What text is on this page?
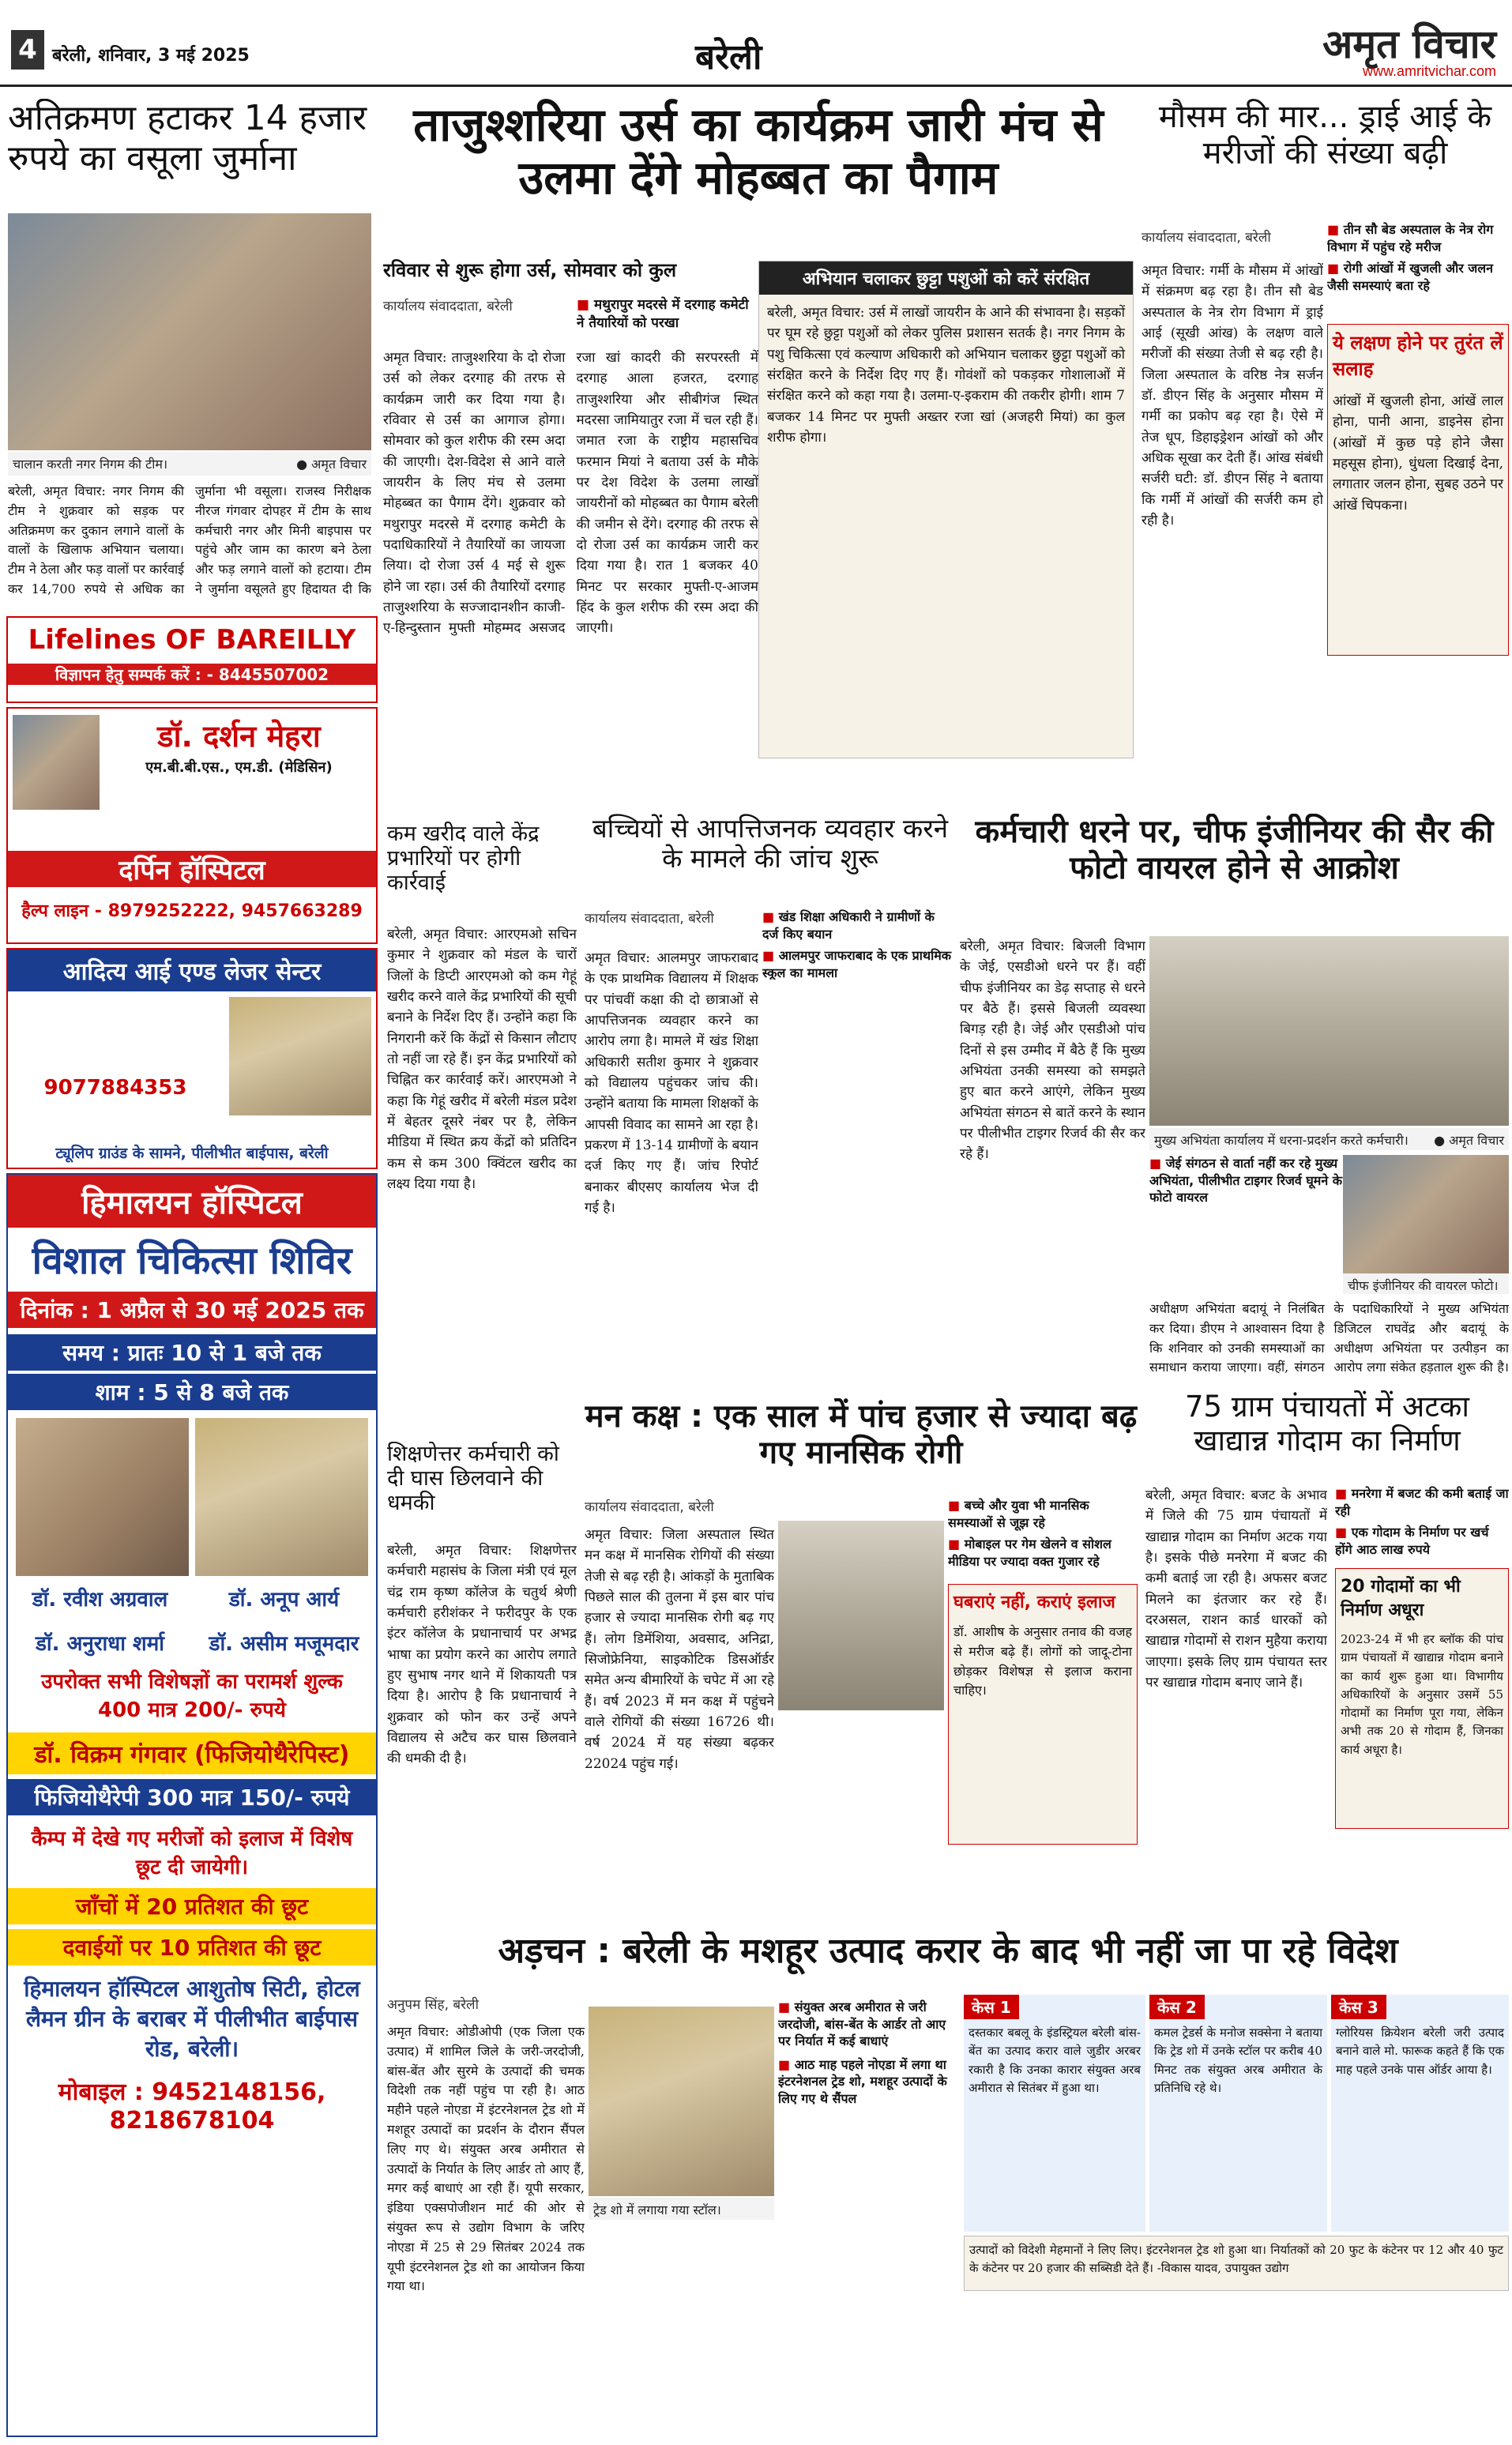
4 बरेली, शनिवार, 3 मई 2025	बरेली	अमृत विचार
www.amritvichar.com
अतिक्रमण हटाकर 14 हजार रुपये का वसूला जुर्माना
चालान करती नगर निगम की टीम।	● अमृत विचार
बरेली, अमृत विचार: नगर निगम की टीम ने शुक्रवार को सड़क पर अतिक्रमण कर दुकान लगाने वालों के वालों के खिलाफ अभियान चलाया। टीम ने ठेला और फड़ वालों पर कार्रवाई कर 14,700 रुपये से अधिक का जुर्माना भी वसूला। राजस्व निरीक्षक नीरज गंगवार दोपहर में टीम के साथ कर्मचारी नगर और मिनी बाइपास पर पहुंचे और जाम का कारण बने ठेला और फड़ लगाने वालों को हटाया। टीम ने जुर्माना वसूलते हुए हिदायत दी कि
ताजुश्शरिया उर्स का कार्यक्रम जारी मंच से उलमा देंगे मोहब्बत का पैगाम
रविवार से शुरू होगा उर्स, सोमवार को कुल
कार्यालय संवाददाता, बरेली	■ मथुरापुर मदरसे में दरगाह कमेटी ने तैयारियों को परखा
अमृत विचार: ताजुश्शरिया के दो रोजा उर्स को लेकर दरगाह की तरफ से कार्यक्रम जारी कर दिया गया है। रविवार से उर्स का आगाज होगा। सोमवार को कुल शरीफ की रस्म अदा की जाएगी। देश-विदेश से आने वाले जायरीन के लिए मंच से उलमा मोहब्बत का पैगाम देंगे। शुक्रवार को मथुरापुर मदरसे में दरगाह कमेटी के पदाधिकारियों ने तैयारियों का जायजा लिया। दो रोजा उर्स 4 मई से शुरू होने जा रहा। उर्स की तैयारियों दरगाह ताजुश्शरिया के सज्जादानशीन काजी-ए-हिन्दुस्तान मुफ्ती मोहम्मद असजद रजा खां कादरी की सरपरस्ती में दरगाह आला हजरत, दरगाह ताजुश्शरिया और सीबीगंज स्थित मदरसा जामियातुर रजा में चल रही हैं। जमात रजा के राष्ट्रीय महासचिव फरमान मियां ने बताया उर्स के मौके पर देश विदेश के उलमा लाखों जायरीनों को मोहब्बत का पैगाम बरेली की जमीन से देंगे। दरगाह की तरफ से दो रोजा उर्स का कार्यक्रम जारी कर दिया गया है। रात 1 बजकर 40 मिनट पर सरकार मुफ्ती-ए-आजम हिंद के कुल शरीफ की रस्म अदा की जाएगी।
अभियान चलाकर छुट्टा पशुओं को करें संरक्षित
बरेली, अमृत विचार: उर्स में लाखों जायरीन के आने की संभावना है। सड़कों पर घूम रहे छुट्टा पशुओं को लेकर पुलिस प्रशासन सतर्क है। नगर निगम के पशु चिकित्सा एवं कल्याण अधिकारी को अभियान चलाकर छुट्टा पशुओं को संरक्षित करने के निर्देश दिए गए हैं। गोवंशों को पकड़कर गोशालाओं में संरक्षित करने को कहा गया है। उलमा-ए-इकराम की तकरीर होगी। शाम 7 बजकर 14 मिनट पर मुफ्ती अख्तर रजा खां (अजहरी मियां) का कुल शरीफ होगा।
मौसम की मार... ड्राई आई के मरीजों की संख्या बढ़ी
कार्यालय संवाददाता, बरेली
■ तीन सौ बेड अस्पताल के नेत्र रोग विभाग में पहुंच रहे मरीज
■ रोगी आंखों में खुजली और जलन जैसी समस्याएं बता रहे
अमृत विचार: गर्मी के मौसम में आंखों में संक्रमण बढ़ रहा है। तीन सौ बेड अस्पताल के नेत्र रोग विभाग में ड्राई आई (सूखी आंख) के लक्षण वाले मरीजों की संख्या तेजी से बढ़ रही है। जिला अस्पताल के वरिष्ठ नेत्र सर्जन डॉ. डीएन सिंह के अनुसार मौसम में गर्मी का प्रकोप बढ़ रहा है। ऐसे में तेज धूप, डिहाइड्रेशन आंखों को और अधिक सूखा कर देती हैं। आंख संबंधी सर्जरी घटी: डॉ. डीएन सिंह ने बताया कि गर्मी में आंखों की सर्जरी कम हो रही है।
ये लक्षण होने पर तुरंत लें सलाह
आंखों में खुजली होना, आंखें लाल होना, पानी आना, डाइनेस होना (आंखों में कुछ पड़े होने जैसा महसूस होना), धुंधला दिखाई देना, लगातार जलन होना, सुबह उठने पर आंखें चिपकना।
Lifelines OF BAREILLY
विज्ञापन हेतु सम्पर्क करें : - 8445507002
डॉ. दर्शन मेहरा
एम.बी.बी.एस., एम.डी. (मेडिसिन)
दर्पिन हॉस्पिटल
हैल्प लाइन - 8979252222, 9457663289
आदित्य आई एण्ड लेजर सेन्टर
9077884353
ट्यूलिप ग्राउंड के सामने, पीलीभीत बाईपास, बरेली
हिमालयन हॉस्पिटल
विशाल चिकित्सा शिविर
दिनांक : 1 अप्रैल से 30 मई 2025 तक
समय : प्रातः 10 से 1 बजे तक
शाम : 5 से 8 बजे तक
डॉ. रवीश अग्रवाल	डॉ. अनूप आर्य
डॉ. अनुराधा शर्मा	डॉ. असीम मजूमदार
उपरोक्त सभी विशेषज्ञों का परामर्श शुल्क 400 मात्र 200/- रुपये
डॉ. विक्रम गंगवार (फिजियोथैरेपिस्ट)
फिजियोथैरेपी 300 मात्र 150/- रुपये
कैम्प में देखे गए मरीजों को इलाज में विशेष छूट दी जायेगी।
जाँचों में 20 प्रतिशत की छूट
दवाईयों पर 10 प्रतिशत की छूट
हिमालयन हॉस्पिटल आशुतोष सिटी, होटल लैमन ग्रीन के बराबर में पीलीभीत बाईपास रोड, बरेली।
मोबाइल : 9452148156, 8218678104
कम खरीद वाले केंद्र प्रभारियों पर होगी कार्रवाई
बरेली, अमृत विचार: आरएमओ सचिन कुमार ने शुक्रवार को मंडल के चारों जिलों के डिप्टी आरएमओ को कम गेहूं खरीद करने वाले केंद्र प्रभारियों की सूची बनाने के निर्देश दिए हैं। उन्होंने कहा कि निगरानी करें कि केंद्रों से किसान लौटाए तो नहीं जा रहे हैं। इन केंद्र प्रभारियों को चिह्नित कर कार्रवाई करें। आरएमओ ने कहा कि गेहूं खरीद में बरेली मंडल प्रदेश में बेहतर दूसरे नंबर पर है, लेकिन मीडिया में स्थित क्रय केंद्रों को प्रतिदिन कम से कम 300 क्विंटल खरीद का लक्ष्य दिया गया है।
शिक्षणेत्तर कर्मचारी को दी घास छिलवाने की धमकी
बरेली, अमृत विचार: शिक्षणेत्तर कर्मचारी महासंघ के जिला मंत्री एवं मूल चंद्र राम कृष्ण कॉलेज के चतुर्थ श्रेणी कर्मचारी हरीशंकर ने फरीदपुर के एक इंटर कॉलेज के प्रधानाचार्य पर अभद्र भाषा का प्रयोग करने का आरोप लगाते हुए सुभाष नगर थाने में शिकायती पत्र दिया है। आरोप है कि प्रधानाचार्य ने शुक्रवार को फोन कर उन्हें अपने विद्यालय से अटैच कर घास छिलवाने की धमकी दी है।
बच्चियों से आपत्तिजनक व्यवहार करने के मामले की जांच शुरू
कार्यालय संवाददाता, बरेली	■ खंड शिक्षा अधिकारी ने ग्रामीणों के दर्ज किए बयान
■ आलमपुर जाफराबाद के एक प्राथमिक स्कूल का मामला
अमृत विचार: आलमपुर जाफराबाद के एक प्राथमिक विद्यालय में शिक्षक पर पांचवीं कक्षा की दो छात्राओं से आपत्तिजनक व्यवहार करने का आरोप लगा है। मामले में खंड शिक्षा अधिकारी सतीश कुमार ने शुक्रवार को विद्यालय पहुंचकर जांच की। उन्होंने बताया कि मामला शिक्षकों के आपसी विवाद का सामने आ रहा है। प्रकरण में 13-14 ग्रामीणों के बयान दर्ज किए गए हैं। जांच रिपोर्ट बनाकर बीएसए कार्यालय भेज दी गई है।
कर्मचारी धरने पर, चीफ इंजीनियर की सैर की फोटो वायरल होने से आक्रोश
बरेली, अमृत विचार: बिजली विभाग के जेई, एसडीओ धरने पर हैं। वहीं चीफ इंजीनियर का डेढ़ सप्ताह से धरने पर बैठे हैं। इससे बिजली व्यवस्था बिगड़ रही है। जेई और एसडीओ पांच दिनों से इस उम्मीद में बैठे हैं कि मुख्य अभियंता उनकी समस्या को समझते हुए बात करने आएंगे, लेकिन मुख्य अभियंता संगठन से बातें करने के स्थान पर पीलीभीत टाइगर रिजर्व की सैर कर रहे हैं।
मुख्य अभियंता कार्यालय में धरना-प्रदर्शन करते कर्मचारी। ● अमृत विचार
■ जेई संगठन से वार्ता नहीं कर रहे मुख्य अभियंता, पीलीभीत टाइगर रिजर्व घूमने के फोटो वायरल
चीफ इंजीनियर की वायरल फोटो।
अधीक्षण अभियंता बदायूं ने निलंबित कर दिया। डीएम ने आश्वासन दिया है कि शनिवार को उनकी समस्याओं का समाधान कराया जाएगा। वहीं, संगठन के पदाधिकारियों ने मुख्य अभियंता डिजिटल राघवेंद्र और बदायूं के अधीक्षण अभियंता पर उत्पीड़न का आरोप लगा संकेत हड़ताल शुरू की है।
मन कक्ष : एक साल में पांच हजार से ज्यादा बढ़ गए मानसिक रोगी
कार्यालय संवाददाता, बरेली	■ बच्चे और युवा भी मानसिक समस्याओं से जूझ रहे
■ मोबाइल पर गेम खेलने व सोशल मीडिया पर ज्यादा वक्त गुजार रहे
अमृत विचार: जिला अस्पताल स्थित मन कक्ष में मानसिक रोगियों की संख्या तेजी से बढ़ रही है। आंकड़ों के मुताबिक पिछले साल की तुलना में इस बार पांच हजार से ज्यादा मानसिक रोगी बढ़ गए हैं। लोग डिमेंशिया, अवसाद, अनिद्रा, सिजोफ्रेनिया, साइकोटिक डिसऑर्डर समेत अन्य बीमारियों के चपेट में आ रहे हैं। वर्ष 2023 में मन कक्ष में पहुंचने वाले रोगियों की संख्या 16726 थी। वर्ष 2024 में यह संख्या बढ़कर 22024 पहुंच गई।
घबराएं नहीं, कराएं इलाज
डॉ. आशीष के अनुसार तनाव की वजह से मरीज बढ़े हैं। लोगों को जादू-टोना छोड़कर विशेषज्ञ से इलाज कराना चाहिए।
75 ग्राम पंचायतों में अटका खाद्यान्न गोदाम का निर्माण
बरेली, अमृत विचार: बजट के अभाव में जिले की 75 ग्राम पंचायतों में खाद्यान्न गोदाम का निर्माण अटक गया है। इसके पीछे मनरेगा में बजट की कमी बताई जा रही है। अफसर बजट मिलने का इंतजार कर रहे हैं। दरअसल, राशन कार्ड धारकों को खाद्यान्न गोदामों से राशन मुहैया कराया जाएगा। इसके लिए ग्राम पंचायत स्तर पर खाद्यान्न गोदाम बनाए जाने हैं।
■ मनरेगा में बजट की कमी बताई जा रही
■ एक गोदाम के निर्माण पर खर्च होंगे आठ लाख रुपये
20 गोदामों का भी निर्माण अधूरा
2023-24 में भी हर ब्लॉक की पांच ग्राम पंचायतों में खाद्यान्न गोदाम बनाने का कार्य शुरू हुआ था। विभागीय अधिकारियों के अनुसार उसमें 55 गोदामों का निर्माण पूरा गया, लेकिन अभी तक 20 से गोदाम हैं, जिनका कार्य अधूरा है।
अड़चन : बरेली के मशहूर उत्पाद करार के बाद भी नहीं जा पा रहे विदेश
अनुपम सिंह, बरेली
अमृत विचार: ओडीओपी (एक जिला एक उत्पाद) में शामिल जिले के जरी-जरदोजी, बांस-बेंत और सुरमे के उत्पादों की चमक विदेशी तक नहीं पहुंच पा रही है। आठ महीने पहले नोएडा में इंटरनेशनल ट्रेड शो में मशहूर उत्पादों का प्रदर्शन के दौरान सैंपल लिए गए थे। संयुक्त अरब अमीरात से उत्पादों के निर्यात के लिए आर्डर तो आए हैं, मगर कई बाधाएं आ रही हैं। यूपी सरकार, इंडिया एक्सपोजीशन मार्ट की ओर से संयुक्त रूप से उद्योग विभाग के जरिए नोएडा में 25 से 29 सितंबर 2024 तक यूपी इंटरनेशनल ट्रेड शो का आयोजन किया गया था।
ट्रेड शो में लगाया गया स्टॉल।
■ संयुक्त अरब अमीरात से जरी जरदोजी, बांस-बेंत के आर्डर तो आए पर निर्यात में कई बाधाएं
■ आठ माह पहले नोएडा में लगा था इंटरनेशनल ट्रेड शो, मशहूर उत्पादों के लिए गए थे सैंपल
केस 1
दस्तकार बबलू के इंडस्ट्रियल बरेली बांस-बेंत का उत्पाद करार वाले जुडीर अरबर रकारी है कि उनका कारार संयुक्त अरब अमीरात से सितंबर में हुआ था।
केस 2
कमल ट्रेडर्स के मनोज सक्सेना ने बताया कि ट्रेड शो में उनके स्टॉल पर करीब 40 मिनट तक संयुक्त अरब अमीरात के प्रतिनिधि रहे थे।
केस 3
ग्लोरियस क्रियेशन बरेली जरी उत्पाद बनाने वाले मो. फारूक कहते हैं कि एक माह पहले उनके पास ऑर्डर आया है।
उत्पादों को विदेशी मेहमानों ने लिए लिए। इंटरनेशनल ट्रेड शो हुआ था। निर्यातकों को 20 फुट के कंटेनर पर 12 और 40 फुट के कंटेनर पर 20 हजार की सब्सिडी देते हैं। -विकास यादव, उपायुक्त उद्योग
